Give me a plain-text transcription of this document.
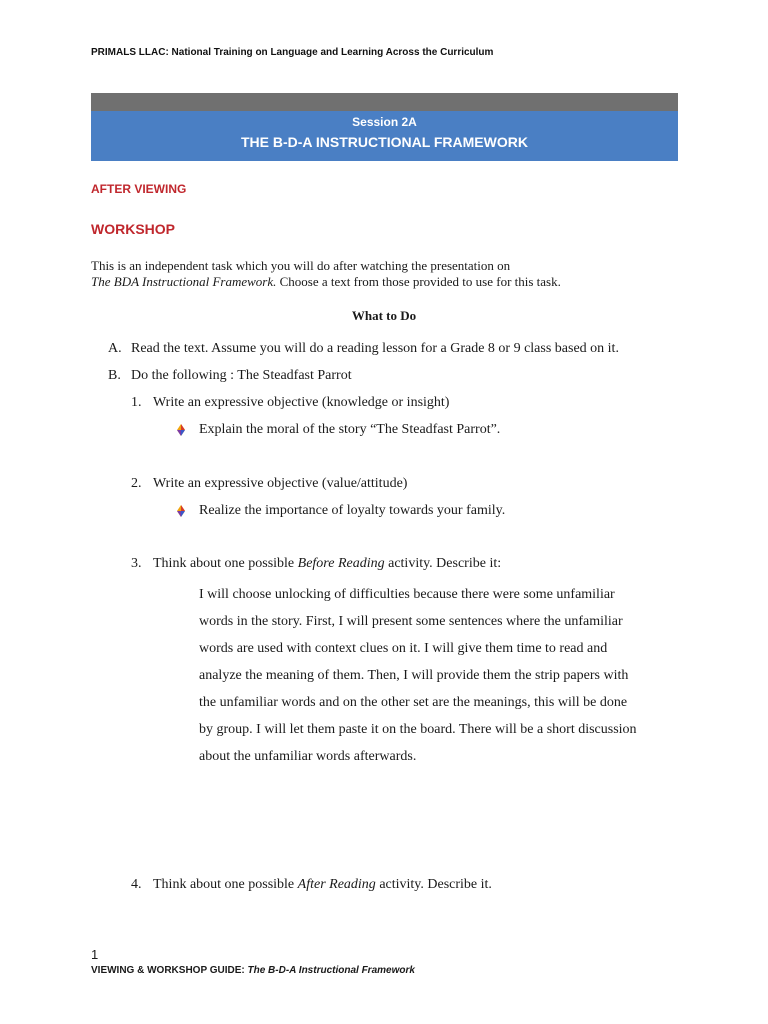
PRIMALS LLAC: National Training on Language and Learning Across the Curriculum
Session 2A
THE B-D-A INSTRUCTIONAL FRAMEWORK
AFTER VIEWING
WORKSHOP
This is an independent task which you will do after watching the presentation on
The BDA Instructional Framework. Choose a text from those provided to use for this task.
What to Do
A. Read the text. Assume you will do a reading lesson for a Grade 8 or 9 class based on it.
B. Do the following : The Steadfast Parrot
1. Write an expressive objective (knowledge or insight)
Explain the moral of the story “The Steadfast Parrot”.
2. Write an expressive objective (value/attitude)
Realize the importance of loyalty towards your family.
3. Think about one possible Before Reading activity. Describe it:
I will choose unlocking of difficulties because there were some unfamiliar
words in the story. First, I will present some sentences where the unfamiliar
words are used with context clues on it. I will give them time to read and
analyze the meaning of them. Then, I will provide them the strip papers with
the unfamiliar words and on the other set are the meanings, this will be done
by group. I will let them paste it on the board. There will be a short discussion
about the unfamiliar words afterwards.
4. Think about one possible After Reading activity. Describe it.
1
VIEWING & WORKSHOP GUIDE: The B-D-A Instructional Framework
